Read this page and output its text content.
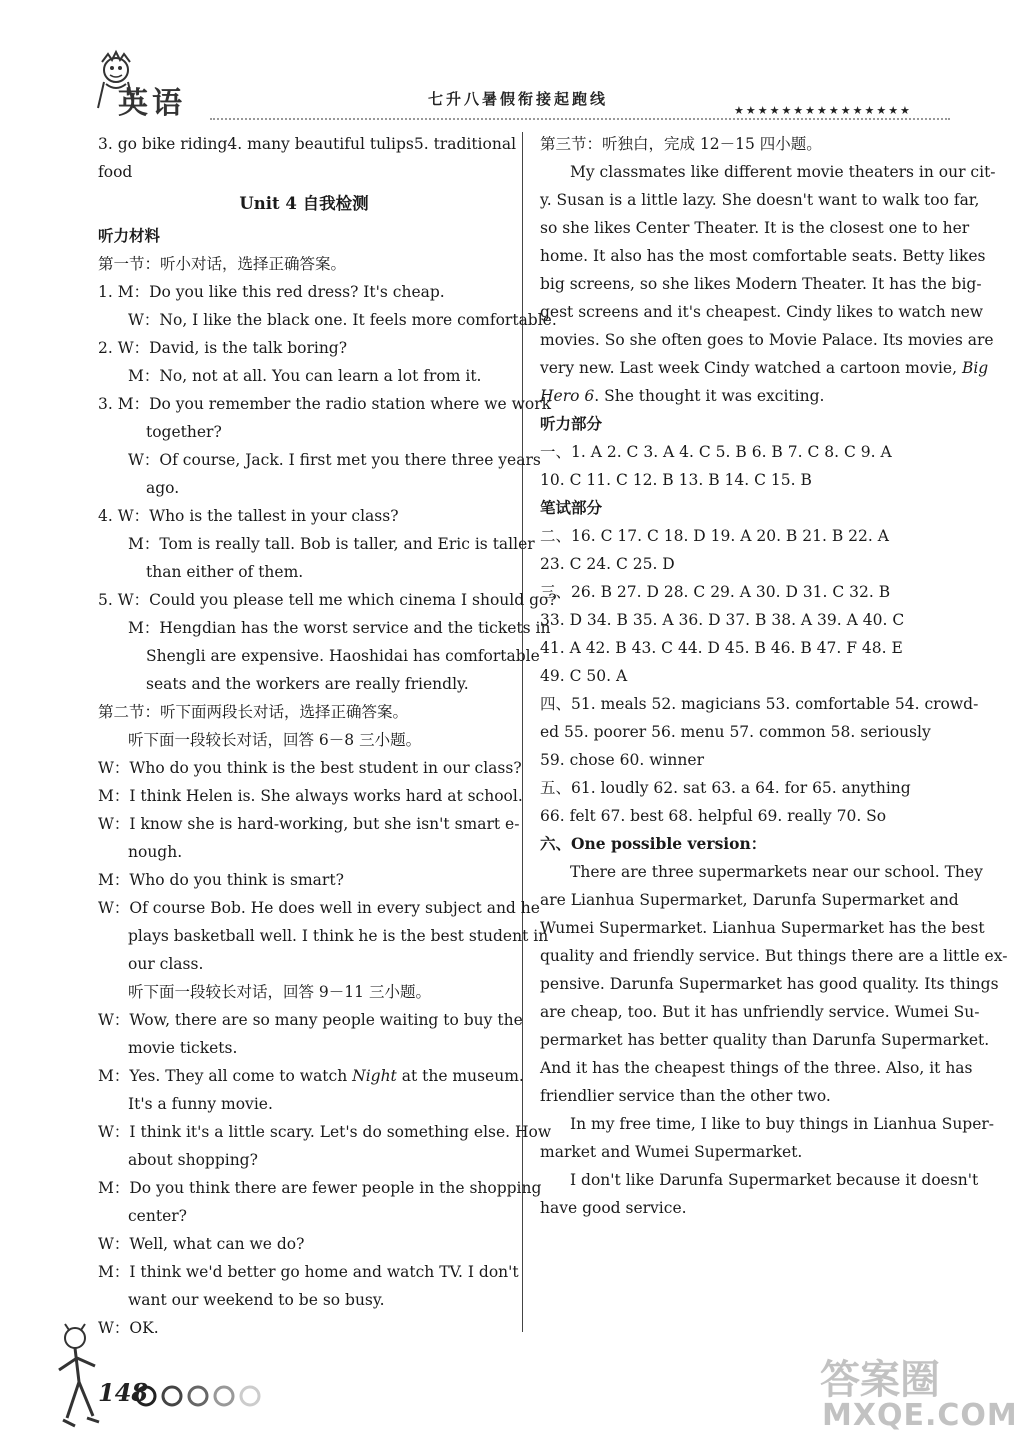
英语	七升八暑假衔接起跑线
★★★★★★★★★★★★★★★
3. go bike riding 4. many beautiful tulips 5. traditional
food
Unit 4 自我检测
听力材料
第一节：听小对话，选择正确答案。
1. M：Do you like this red dress? It's cheap.
W：No, I like the black one. It feels more comfortable.
2. W：David, is the talk boring?
M：No, not at all. You can learn a lot from it.
3. M：Do you remember the radio station where we work
together?
W：Of course, Jack. I first met you there three years
ago.
4. W：Who is the tallest in your class?
M：Tom is really tall. Bob is taller, and Eric is taller
than either of them.
5. W：Could you please tell me which cinema I should go?
M：Hengdian has the worst service and the tickets in
Shengli are expensive. Haoshidai has comfortable
seats and the workers are really friendly.
第二节：听下面两段长对话，选择正确答案。
听下面一段较长对话，回答 6－8 三小题。
W：Who do you think is the best student in our class?
M：I think Helen is. She always works hard at school.
W：I know she is hard-working, but she isn't smart e-
nough.
M：Who do you think is smart?
W：Of course Bob. He does well in every subject and he
plays basketball well. I think he is the best student in
our class.
听下面一段较长对话，回答 9－11 三小题。
W：Wow, there are so many people waiting to buy the
movie tickets.
M：Yes. They all come to watch Night at the museum.
It's a funny movie.
W：I think it's a little scary. Let's do something else. How
about shopping?
M：Do you think there are fewer people in the shopping
center?
W：Well, what can we do?
M：I think we'd better go home and watch TV. I don't
want our weekend to be so busy.
W：OK.
第三节：听独白，完成 12－15 四小题。
My classmates like different movie theaters in our cit-
y. Susan is a little lazy. She doesn't want to walk too far,
so she likes Center Theater. It is the closest one to her
home. It also has the most comfortable seats. Betty likes
big screens, so she likes Modern Theater. It has the big-
gest screens and it's cheapest. Cindy likes to watch new
movies. So she often goes to Movie Palace. Its movies are
very new. Last week Cindy watched a cartoon movie, Big
Hero 6. She thought it was exciting.
听力部分
一、1. A 2. C 3. A 4. C 5. B 6. B 7. C 8. C 9. A
10. C 11. C 12. B 13. B 14. C 15. B
笔试部分
二、16. C 17. C 18. D 19. A 20. B 21. B 22. A
23. C 24. C 25. D
三、26. B 27. D 28. C 29. A 30. D 31. C 32. B
33. D 34. B 35. A 36. D 37. B 38. A 39. A 40. C
41. A 42. B 43. C 44. D 45. B 46. B 47. F 48. E
49. C 50. A
四、51. meals 52. magicians 53. comfortable 54. crowd-
ed 55. poorer 56. menu 57. common 58. seriously
59. chose 60. winner
五、61. loudly 62. sat 63. a 64. for 65. anything
66. felt 67. best 68. helpful 69. really 70. So
六、One possible version：
There are three supermarkets near our school. They
are Lianhua Supermarket, Darunfa Supermarket and
Wumei Supermarket. Lianhua Supermarket has the best
quality and friendly service. But things there are a little ex-
pensive. Darunfa Supermarket has good quality. Its things
are cheap, too. But it has unfriendly service. Wumei Su-
permarket has better quality than Darunfa Supermarket.
And it has the cheapest things of the three. Also, it has
friendlier service than the other two.
In my free time, I like to buy things in Lianhua Super-
market and Wumei Supermarket.
I don't like Darunfa Supermarket because it doesn't
have good service.
148	答案圈
MXQE.COM
